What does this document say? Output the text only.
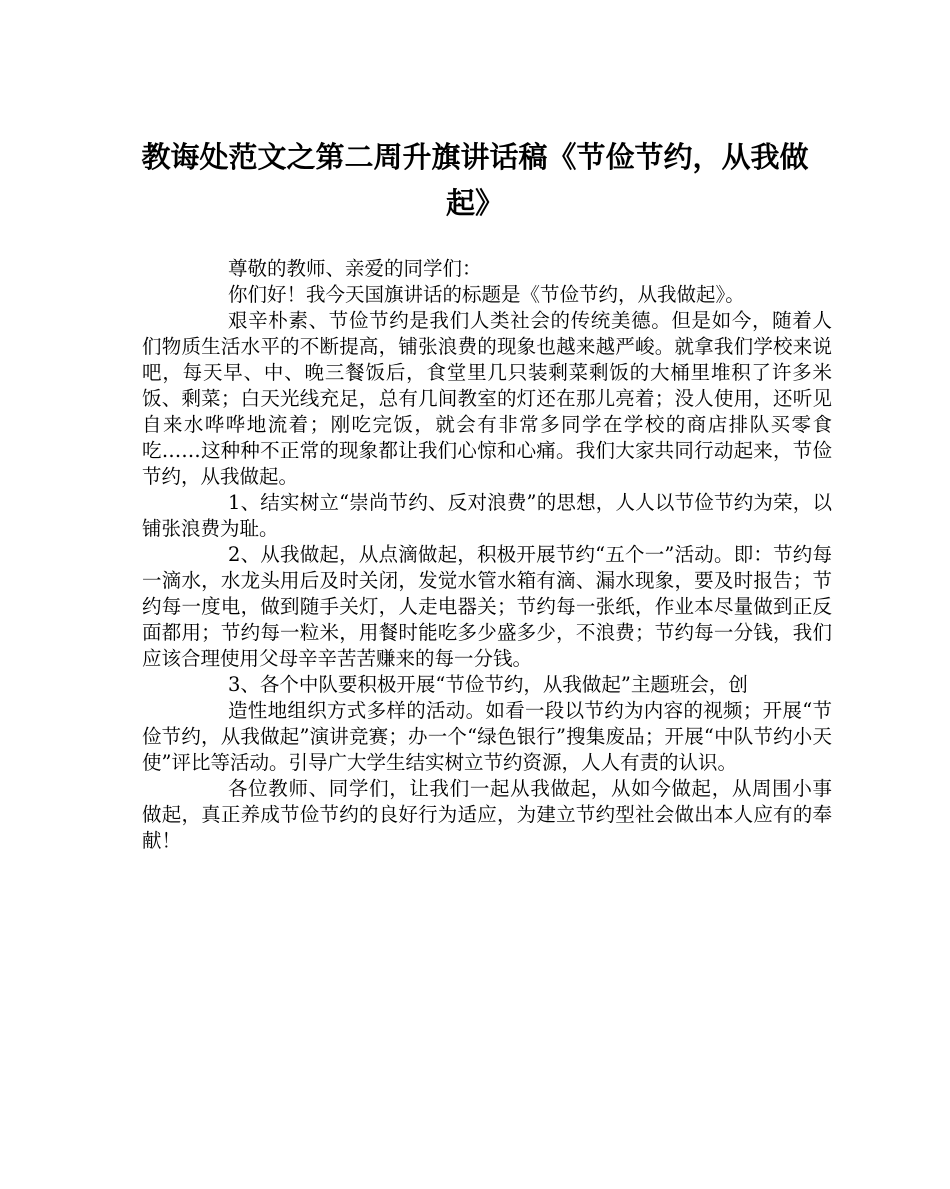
教诲处范文之第二周升旗讲话稿《节俭节约，从我做起》

尊敬的教师、亲爱的同学们：

你们好！我今天国旗讲话的标题是《节俭节约，从我做起》。

艰辛朴素、节俭节约是我们人类社会的传统美德。但是如今，随着人们物质生活水平的不断提高，铺张浪费的现象也越来越严峻。就拿我们学校来说吧，每天早、中、晚三餐饭后，食堂里几只装剩菜剩饭的大桶里堆积了许多米饭、剩菜；白天光线充足，总有几间教室的灯还在那儿亮着；没人使用，还听见自来水哗哗地流着；刚吃完饭，就会有非常多同学在学校的商店排队买零食吃……这种种不正常的现象都让我们心惊和心痛。我们大家共同行动起来，节俭节约，从我做起。

1、结实树立“崇尚节约、反对浪费”的思想，人人以节俭节约为荣，以铺张浪费为耻。

2、从我做起，从点滴做起，积极开展节约“五个一”活动。即：节约每一滴水，水龙头用后及时关闭，发觉水管水箱有滴、漏水现象，要及时报告；节约每一度电，做到随手关灯，人走电器关；节约每一张纸，作业本尽量做到正反面都用；节约每一粒米，用餐时能吃多少盛多少，不浪费；节约每一分钱，我们应该合理使用父母辛辛苦苦赚来的每一分钱。

3、各个中队要积极开展“节俭节约，从我做起”主题班会，创

造性地组织方式多样的活动。如看一段以节约为内容的视频；开展“节俭节约，从我做起”演讲竞赛；办一个“绿色银行”搜集废品；开展“中队节约小天使”评比等活动。引导广大学生结实树立节约资源，人人有责的认识。

各位教师、同学们，让我们一起从我做起，从如今做起，从周围小事做起，真正养成节俭节约的良好行为适应，为建立节约型社会做出本人应有的奉献！
